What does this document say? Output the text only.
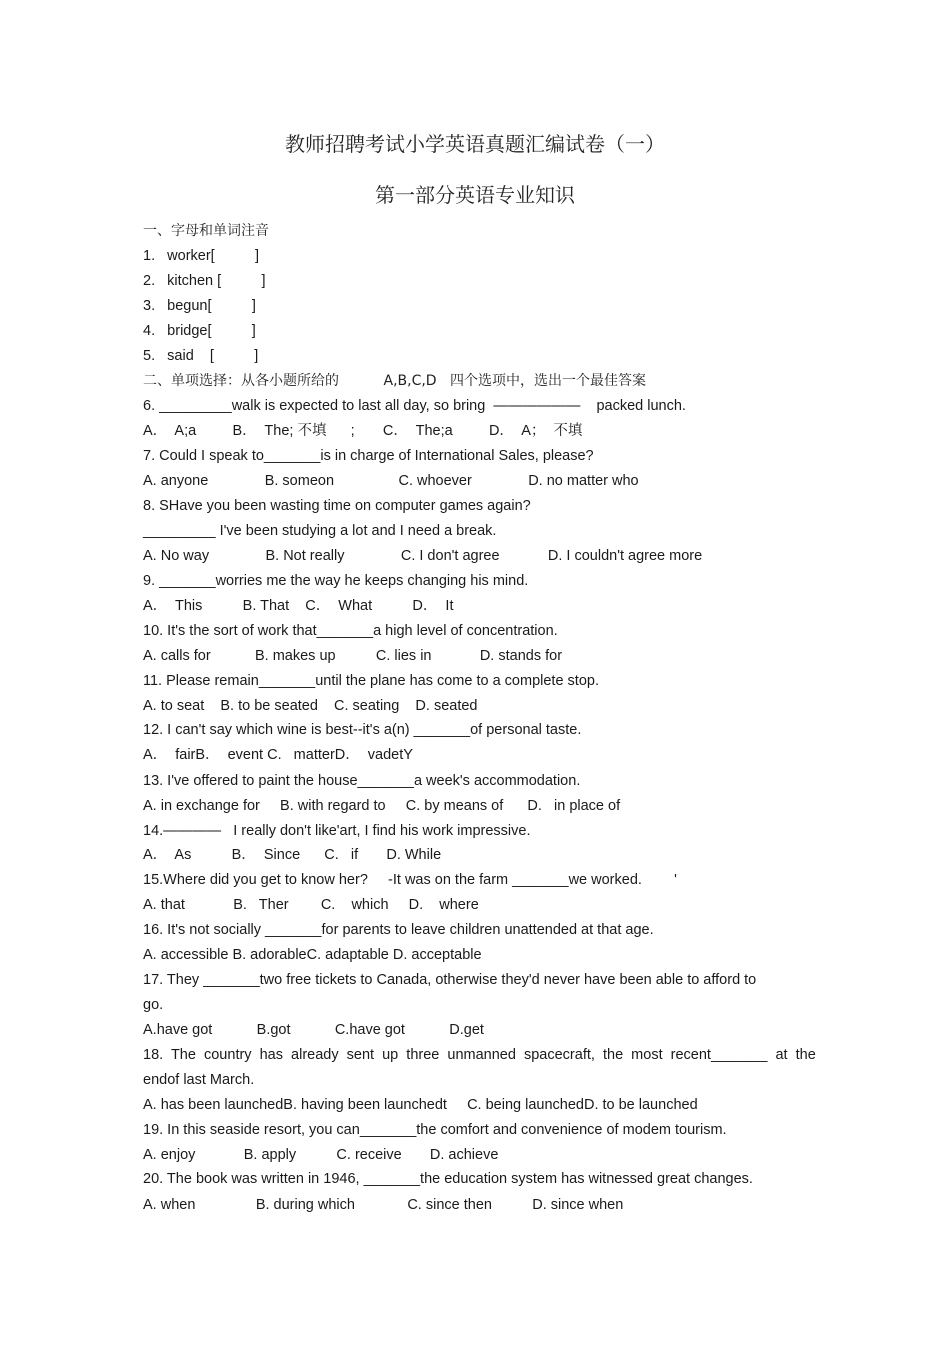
教师招聘考试小学英语真题汇编试卷（一）
第一部分英语专业知识
一、字母和单词注音
1.   worker[          ]
2.   kitchen [          ]
3.   begun[          ]
4.   bridge[          ]
5.   said    [          ]
二、单项选择：从各小题所给的          A,B,C,D   四个选项中，选出一个最佳答案
6. _________walk is expected to last all day, so bring  ——————    packed lunch.
A．  A;a         B．  The; 不填      ;       C．  The;a         D．  A；  不填
7. Could I speak to_______is in charge of International Sales, please?
A. anyone              B. someon                C. whoever              D. no matter who
8. SHave you been wasting time on computer games again?
_________ I've been studying a lot and I need a break.
A. No way              B. Not really              C. I don't agree            D. I couldn't agree more
9. _______worries me the way he keeps changing his mind.
A．  This          B. That    C．  What          D．  It
10. It's the sort of work that_______a high level of concentration.
A. calls for           B. makes up          C. lies in            D. stands for
11. Please remain_______until the plane has come to a complete stop.
A. to seat    B. to be seated    C. seating    D. seated
12. I can't say which wine is best--it's a(n) _______of personal taste.
A．  fairB．  event C.   matterD．  vadetY
13. I've offered to paint the house_______a week's accommodation.
A. in exchange for     B. with regard to     C. by means of      D.   in place of
14.————   I really don't like'art, I find his work impressive.
A．  As          B．  Since      C.   if       D. While
15.Where did you get to know her?     -It was on the farm _______we worked.        '
A. that            B.   Ther        C.    which     D.    where
16. It's not socially _______for parents to leave children unattended at that age.
A. accessible B. adorableC. adaptable D. acceptable
17. They _______two free tickets to Canada, otherwise they'd never have been able to afford to
go.
A.have got           B.got           C.have got           D.get
18.  The  country  has  already  sent  up  three  unmanned  spacecraft,  the  most  recent_______  at  the
endof last March.
A. has been launchedB. having been launchedt     C. being launchedD. to be launched
19. In this seaside resort, you can_______the comfort and convenience of modem tourism.
A. enjoy            B. apply          C. receive       D. achieve
20. The book was written in 1946, _______the education system has witnessed great changes.
A. when               B. during which             C. since then          D. since when
